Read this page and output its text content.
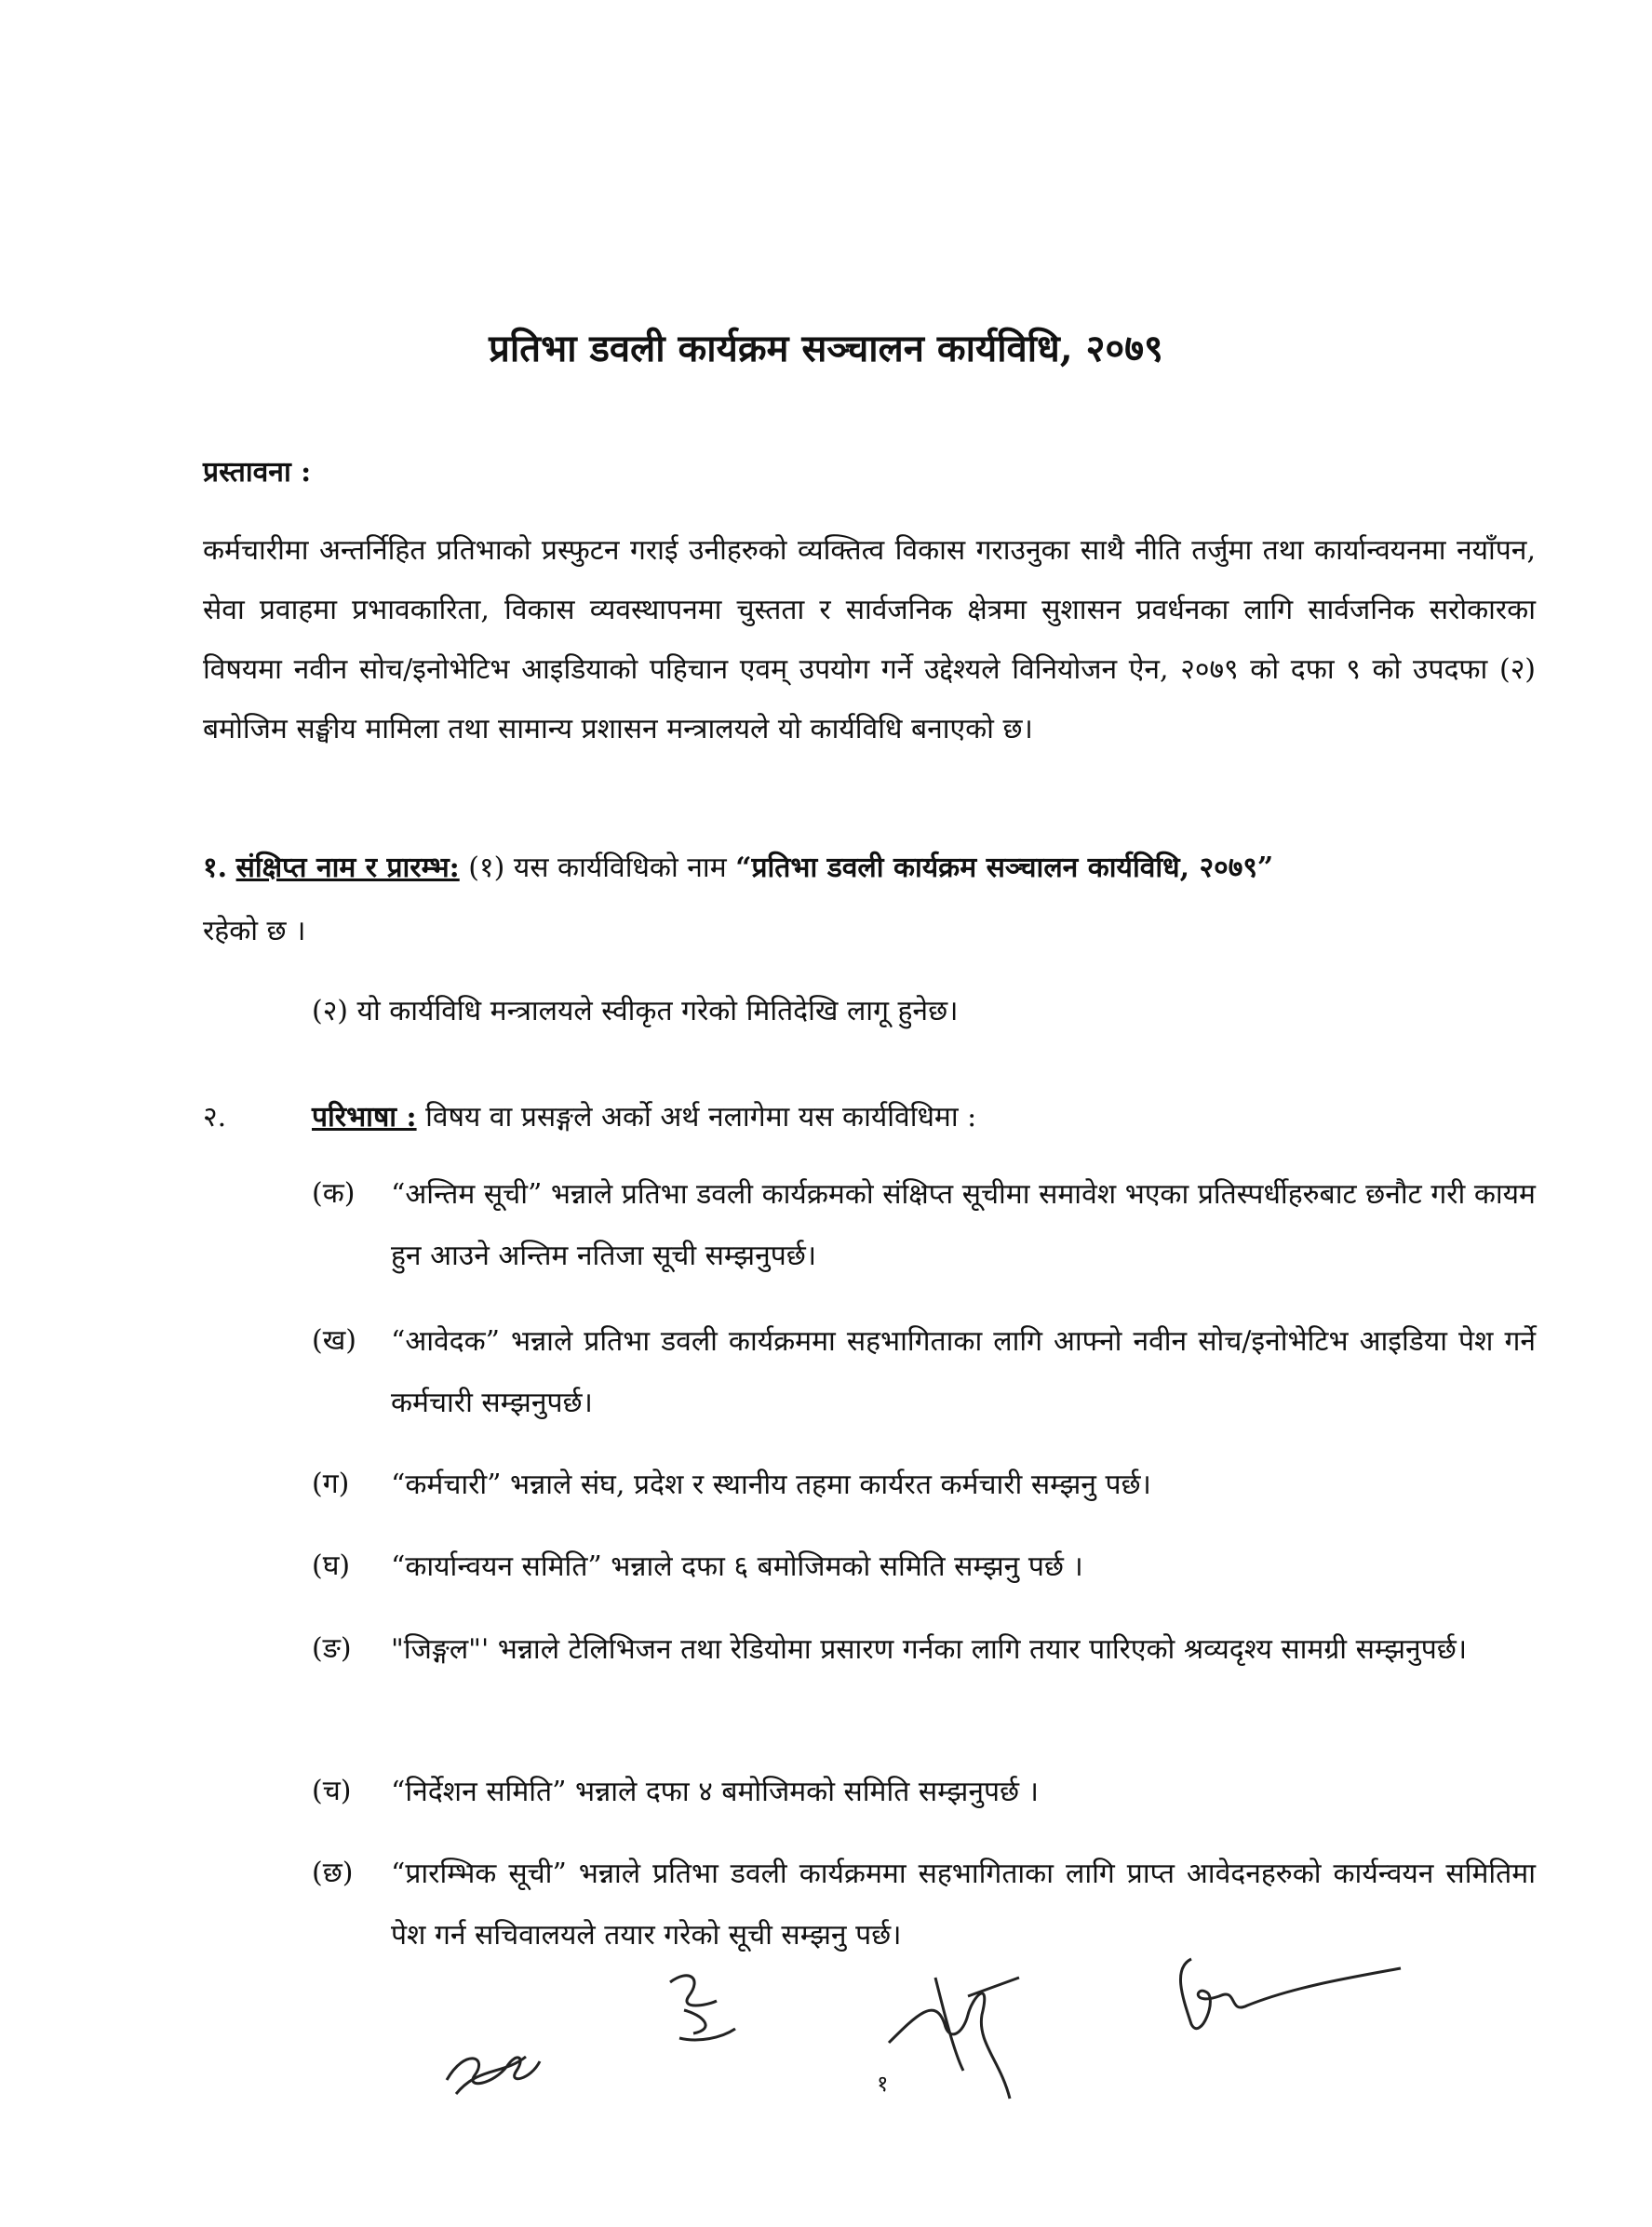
प्रतिभा डवली कार्यक्रम सञ्चालन कार्यविधि, २०७९
प्रस्तावना :
कर्मचारीमा अन्तर्निहित प्रतिभाको प्रस्फुटन गराई उनीहरुको व्यक्तित्व विकास गराउनुका साथै नीति तर्जुमा तथा कार्यान्वयनमा नयाँपन, सेवा प्रवाहमा प्रभावकारिता, विकास व्यवस्थापनमा चुस्तता र सार्वजनिक क्षेत्रमा सुशासन प्रवर्धनका लागि सार्वजनिक सरोकारका विषयमा नवीन सोच/इनोभेटिभ आइडियाको पहिचान एवम् उपयोग गर्ने उद्देश्यले विनियोजन ऐन, २०७९ को दफा ९ को उपदफा (२) बमोजिम सङ्घीय मामिला तथा सामान्य प्रशासन मन्त्रालयले यो कार्यविधि बनाएको छ।
१. संक्षिप्त नाम र प्रारम्भ: (१) यस कार्यविधिको नाम “प्रतिभा डवली कार्यक्रम सञ्चालन कार्यविधि, २०७९”
रहेको छ ।
(२) यो कार्यविधि मन्त्रालयले स्वीकृत गरेको मितिदेखि लागू हुनेछ।
२.	परिभाषा : विषय वा प्रसङ्गले अर्को अर्थ नलागेमा यस कार्यविधिमा :
(क) “अन्तिम सूची” भन्नाले प्रतिभा डवली कार्यक्रमको संक्षिप्त सूचीमा समावेश भएका प्रतिस्पर्धीहरुबाट छनौट गरी कायम हुन आउने अन्तिम नतिजा सूची सम्झनुपर्छ।
(ख) “आवेदक” भन्नाले प्रतिभा डवली कार्यक्रममा सहभागिताका लागि आफ्नो नवीन सोच/इनोभेटिभ आइडिया पेश गर्ने कर्मचारी सम्झनुपर्छ।
(ग) “कर्मचारी” भन्नाले संघ, प्रदेश र स्थानीय तहमा कार्यरत कर्मचारी सम्झनु पर्छ।
(घ) “कार्यान्वयन समिति” भन्नाले दफा ६ बमोजिमको समिति सम्झनु पर्छ ।
(ङ) "जिङ्गल"' भन्नाले टेलिभिजन तथा रेडियोमा प्रसारण गर्नका लागि तयार पारिएको श्रव्यदृश्य सामग्री सम्झनुपर्छ।
(च) “निर्देशन समिति” भन्नाले दफा ४ बमोजिमको समिति सम्झनुपर्छ ।
(छ) “प्रारम्भिक सूची” भन्नाले प्रतिभा डवली कार्यक्रममा सहभागिताका लागि प्राप्त आवेदनहरुको कार्यन्वयन समितिमा पेश गर्न सचिवालयले तयार गरेको सूची सम्झनु पर्छ।
१
